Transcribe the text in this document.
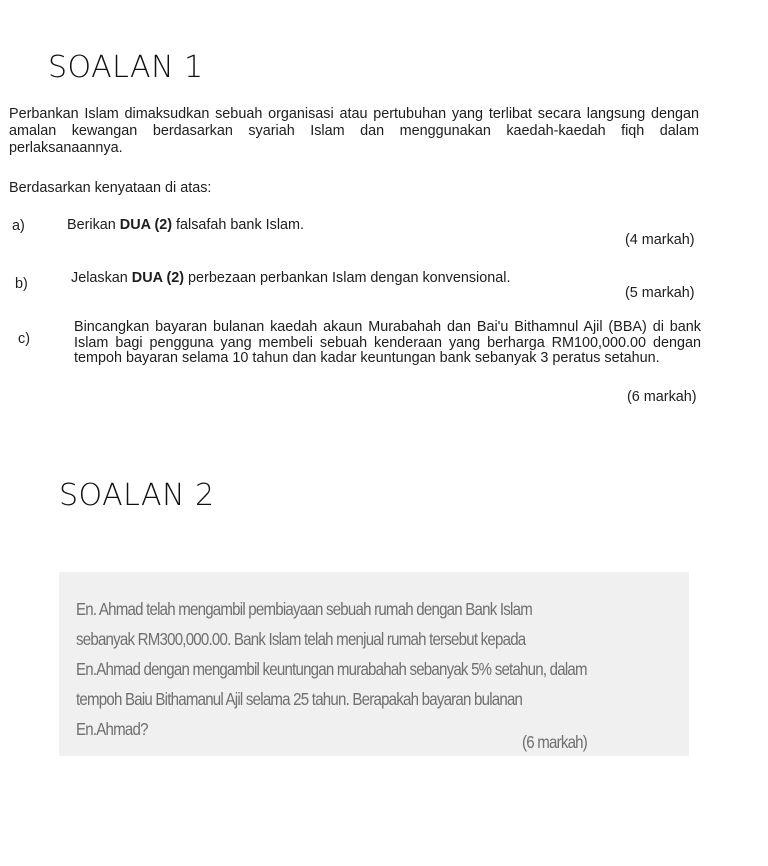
SOALAN 1
Perbankan Islam dimaksudkan sebuah organisasi atau pertubuhan yang terlibat secara langsung dengan amalan kewangan berdasarkan syariah Islam dan menggunakan kaedah-kaedah fiqh dalam perlaksanaannya.
Berdasarkan kenyataan di atas:
a)	Berikan DUA (2) falsafah bank Islam.
(4 markah)
b)	Jelaskan DUA (2) perbezaan perbankan Islam dengan konvensional.
(5 markah)
c)
Bincangkan bayaran bulanan kaedah akaun Murabahah dan Bai'u Bithamnul Ajil (BBA) di bank Islam bagi pengguna yang membeli sebuah kenderaan yang berharga RM100,000.00 dengan tempoh bayaran selama 10 tahun dan kadar keuntungan bank sebanyak 3 peratus setahun.
(6 markah)
SOALAN 2
En. Ahmad telah mengambil pembiayaan sebuah rumah dengan Bank Islam sebanyak RM300,000.00. Bank Islam telah menjual rumah tersebut kepada En.Ahmad dengan mengambil keuntungan murabahah sebanyak 5% setahun, dalam tempoh Baiu Bithamanul Ajil selama 25 tahun. Berapakah bayaran bulanan En.Ahmad?
(6 markah)
